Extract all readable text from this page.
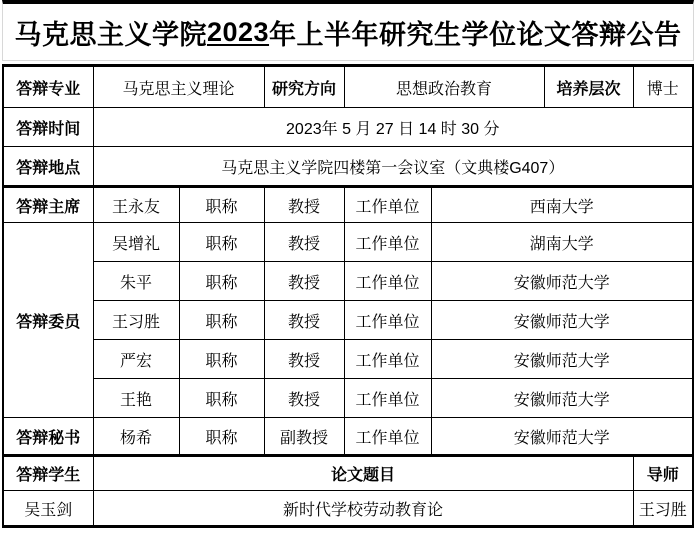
马克思主义学院 2023 年上半年研究生学位论文答辩公告
答辩专业	马克思主义理论		研究方向	思想政治教育		培养层次	博士
答辩时间	2023年 5 月 27 日 14 时 30 分						
答辩地点	马克思主义学院四楼第一会议室（文典楼G407）						
答辩主席	王永友	职称	教授	工作单位	西南大学		
答辩委员	吴增礼	职称	教授	工作单位	湖南大学		
	朱平	职称	教授	工作单位	安徽师范大学		
	王习胜	职称	教授	工作单位	安徽师范大学		
	严宏	职称	教授	工作单位	安徽师范大学		
	王艳	职称	教授	工作单位	安徽师范大学		
答辩秘书	杨希	职称	副教授	工作单位	安徽师范大学		
答辩学生	论文题目						导师
吴玉剑	新时代学校劳动教育论						王习胜
